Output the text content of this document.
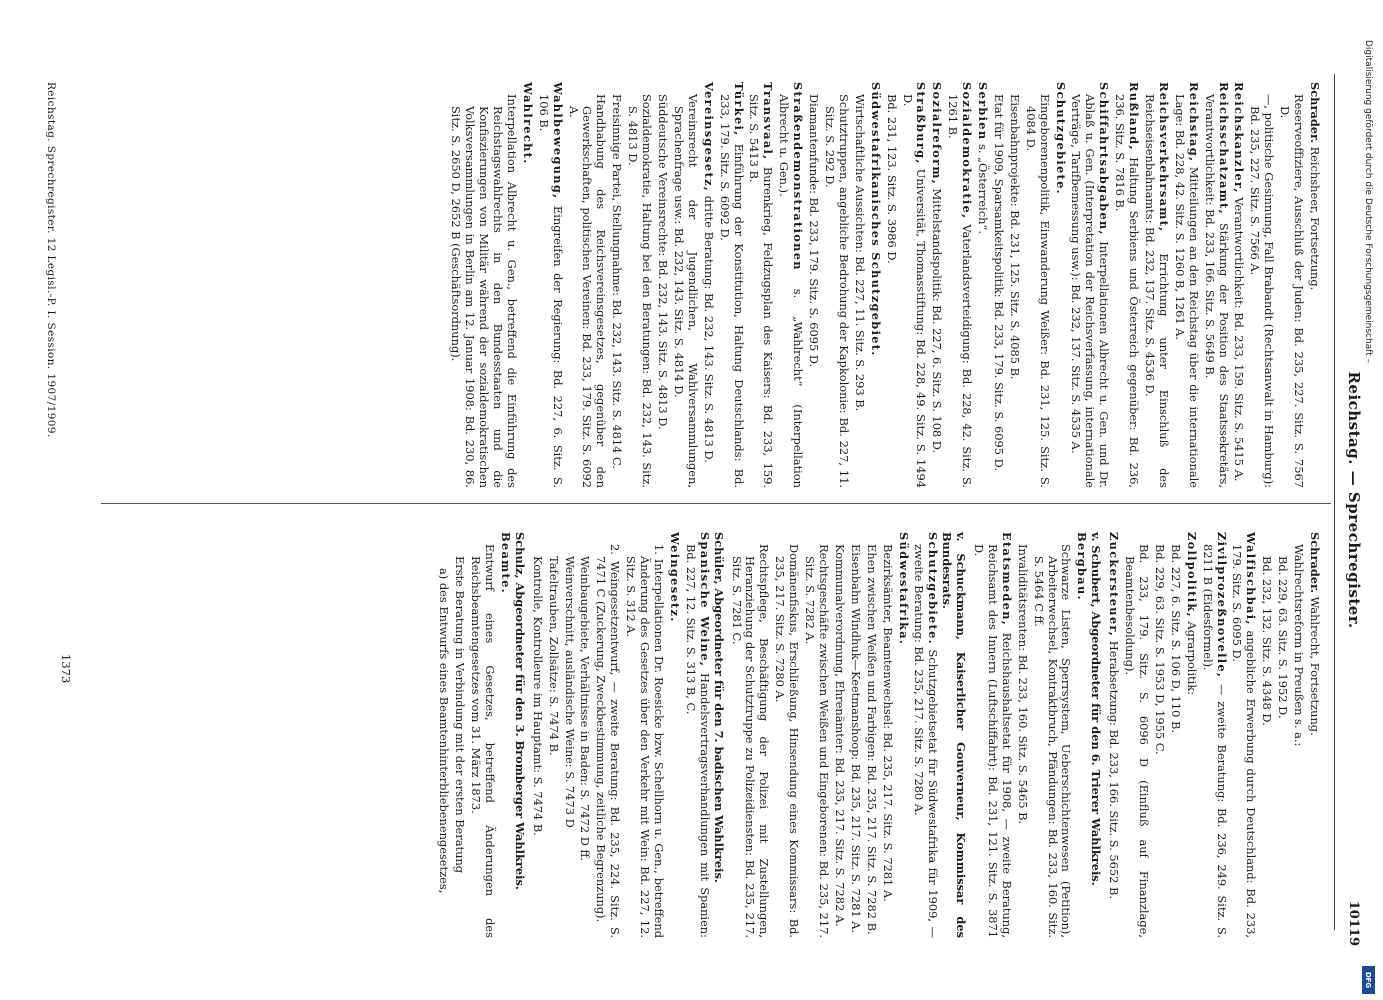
Reichstag. — Sprechregister.
10119
Schrader. Reichsheer, Fortsetzung.
Reserveoffiziere, Ausschluß der Juden: Bd. 235, 227. Sitz. S. 7567 D.
—, politische Gesinnung, Fall Brabandt (Rechtsanwalt in Hamburg): Bd. 235, 227. Sitz. S. 7566 A.
Reichskanzler, Verantwortlichkeit: Bd. 233, 159. Sitz. S. 5415 A.
Reichsschatzamt, Stärkung der Position des Staatssekretärs, Verantwortlichkeit: Bd. 233, 166. Sitz. S. 5649 B.
Reichstag, Mitteilungen an den Reichstag über die internationale Lage: Bd. 228, 42. Sitz. S. 1260 B, 1261 A.
Reichsverkehrsamt, Errichtung unter Einschluß des Reichseisenbahnamts: Bd. 232, 137. Sitz. S. 4536 D.
Rußland, Haltung Serbiens und Österreich gegenüber: Bd. 236, 236. Sitz. S. 7816 B.
Schiffahrtsabgaben, Interpellationen Albrecht u. Gen. und Dr. Ablaß u. Gen. (Interpretation der Reichsverfassung, internationale Verträge, Tarifbemessung usw.): Bd. 232, 137. Sitz. S. 4535 A.
Schutzgebiete.
Eingeborenenpolitik, Einwanderung Weißer: Bd. 231, 125. Sitz. S. 4084 D.
Eisenbahnprojekte: Bd. 231, 125. Sitz. S. 4085 B.
Etat für 1909, Sparsamkeitspolitik: Bd. 233, 179. Sitz. S. 6095 D.
Serbien s. „Österreich“.
Sozialdemokratie, Vaterlandsverteidigung: Bd. 228, 42. Sitz. S. 1261 B.
Sozialreform, Mittelstandspolitik: Bd. 227, 6. Sitz. S. 108 D.
Straßburg, Universität, Thomasstiftung: Bd. 228, 49. Sitz. S. 1494 D.
Bd. 231, 123. Sitz. S. 3986 D.
Südwestafrikanisches Schutzgebiet.
Wirtschaftliche Aussichten: Bd. 227, 11. Sitz. S. 293 B.
Schutztruppen, angebliche Bedrohung der Kapkolonie: Bd. 227, 11. Sitz. S. 292 D.
Diamantenfunde: Bd. 233, 179. Sitz. S. 6095 D.
Straßendemonstrationen s. „Wahlrecht“ (Interpellation Albrecht u. Gen.).
Transvaal, Burenkrieg, Feldzugsplan des Kaisers: Bd. 233, 159. Sitz. S. 5413 B.
Türkei, Einführung der Konstitution, Haltung Deutschlands: Bd. 233, 179. Sitz. S. 6092 D.
Vereinsgesetz, dritte Beratung: Bd. 232, 143. Sitz. S. 4813 D.
Vereinsrecht der Jugendlichen, Wahlversammlungen, Sprachenfrage usw.: Bd. 232, 143. Sitz. S. 4814 D.
Süddeutsche Vereinsrechte: Bd. 232, 143. Sitz. S. 4813 D.
Sozialdemokratie, Haltung bei den Beratungen: Bd. 232, 143. Sitz. S. 4813 D.
Freisinnige Partei, Stellungnahme: Bd. 232, 143. Sitz. S. 4814 C.
Handhabung des Reichsvereinsgesetzes, gegenüber den Gewerkschaften, politischen Vereinen: Bd. 233, 179. Sitz. S. 6092 A.
Wahlbewegung, Eingreifen der Regierung: Bd. 227, 6. Sitz. S. 106 B.
Wahlrecht.
Interpellation Albrecht u. Gen., betreffend die Einführung des Reichstagswahlrechts in den Bundesstaaten und die Konfiszierungen von Militär während der sozialdemokratischen Volksversammlungen in Berlin am 12. Januar 1908: Bd. 230, 86. Sitz. S. 2650 D, 2652 B (Geschäftsordnung).
Schrader. Wahlrecht, Fortsetzung.
Wahlrechtsreform in Preußen s. a.:
Bd. 229, 63. Sitz. S. 1952 D.
Bd. 232, 132. Sitz. S. 4348 D.
Walfischbai, angebliche Erwerbung durch Deutschland: Bd. 233, 179. Sitz. S. 6095 D.
Zivilprozeßnovelle, — zweite Beratung: Bd. 236, 249. Sitz. S. 8211 B (Eidesformel).
Zollpolitik, Agrarpolitik:
Bd. 227, 6. Sitz. S. 106 D, 110 B.
Bd. 229, 63. Sitz. S. 1953 D, 1955 C.
Bd. 233, 179. Sitz. S. 6096 D (Einfluß auf Finanzlage, Beamtenbesoldung).
Zuckersteuer, Herabsetzung: Bd. 233, 166. Sitz. S. 5652 B.
v. Schubert, Abgeordneter für den 6. Trierer Wahlkreis.
Bergbau.
Schwarze Listen, Sperrsystem, Ueberschichtenwesen (Petition), Arbeiterwechsel, Kontraktbruch, Pfändungen: Bd. 233, 160. Sitz. S. 5464 C ff.
Invaliditätsrenten: Bd. 233, 160. Sitz. S. 5465 B.
Etatsmeden, Reichshaushaltsetat für 1908, — zweite Beratung, Reichsamt des Innern (Luftschiffahrt): Bd. 231, 121. Sitz. S. 3871 D.
v. Schuckmann, Kaiserlicher Gouverneur, Kommissar des Bundesrats.
Schutzgebiete. Schutzgebietsetat für Südwestafrika für 1909, — zweite Beratung: Bd. 235, 217. Sitz. S. 7280 A.
Südwestafrika.
Bezirksämter, Beamtenwechsel: Bd. 235, 217. Sitz. S. 7281 A.
Ehen zwischen Weißen und Farbigen: Bd. 235, 217. Sitz. S. 7282 B.
Eisenbahn Windhuk—Keetmanshoop: Bd. 235, 217. Sitz. S. 7281 A.
Kommunalverordnung, Ehrenämter: Bd. 235, 217. Sitz. S. 7282 A.
Rechtsgeschäfte zwischen Weißen und Eingeborenen: Bd. 235, 217. Sitz. S. 7282 A.
Domänenfiskus, Erschließung, Hinsendung eines Kommissars: Bd. 235, 217. Sitz. S. 7280 A.
Rechtspflege, Beschäftigung der Polizei mit Zustellungen, Heranziehung der Schutztruppe zu Polizeidiensten: Bd. 235, 217. Sitz. S. 7281 C.
Schüler, Abgeordneter für den 7. badischen Wahlkreis.
Spanische Weine, Handelsvertragsverhandlungen mit Spanien: Bd. 227, 12. Sitz. S. 313 B, C.
Weingesetz.
1. Interpellationen Dr. Roesicke bzw. Schellhorn u. Gen., betreffend Änderung des Gesetzes über den Verkehr mit Wein: Bd. 227, 12. Sitz. S. 312 A.
2. Weingesetzentwurf, — zweite Beratung: Bd. 235, 224. Sitz. S. 7471 C (Zuckerung, Zweckbestimmung, zeitliche Begrenzung).
Weinbaugebiete, Verhältnisse in Baden: S. 7472 D ff.
Weinverschnitt, ausländische Weine: S. 7473 D
Tafeltrauben, Zollsätze: S. 7474 B.
Kontrolle, Kontrolleure im Hauptamt: S. 7474 B.
Schulz, Abgeordneter für den 3. Bromberger Wahlkreis.
Beamte.
Entwurf eines Gesetzes, betreffend Änderungen des Reichsbeamtengesetzes vom 31. März 1873.
Erste Beratung in Verbindung mit der ersten Beratung
a) des Entwurfs eines Beamtenhinterbliebenengesetzes,
1373
Reichstag. Sprechregister. 12 Legisl.-P. I. Session. 1907/1909.	Digitalisierung gefördert durch die Deutsche Forschungsgemeinschaft –
DFG
